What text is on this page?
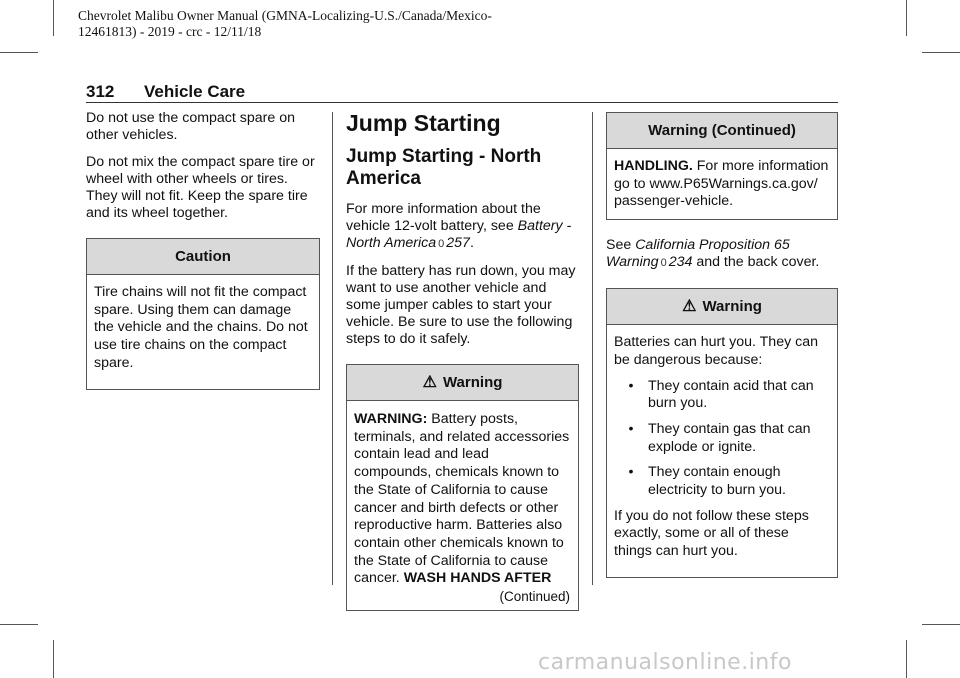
Chevrolet Malibu Owner Manual (GMNA-Localizing-U.S./Canada/Mexico-
12461813) - 2019 - crc - 12/11/18
312 Vehicle Care

Do not use the compact spare on other vehicles.

Do not mix the compact spare tire or wheel with other wheels or tires. They will not fit. Keep the spare tire and its wheel together.

Caution

Tire chains will not fit the compact spare. Using them can damage the vehicle and the chains. Do not use tire chains on the compact spare.

Jump Starting
Jump Starting - North America

For more information about the vehicle 12-volt battery, see Battery - North America 0 257.

If the battery has run down, you may want to use another vehicle and some jumper cables to start your vehicle. Be sure to use the following steps to do it safely.

⚠ Warning
WARNING: Battery posts, terminals, and related accessories contain lead and lead compounds, chemicals known to the State of California to cause cancer and birth defects or other reproductive harm. Batteries also contain other chemicals known to the State of California to cause cancer. WASH HANDS AFTER
(Continued)
Warning (Continued)
HANDLING. For more information go to www.P65Warnings.ca.gov/ passenger-vehicle.

See California Proposition 65 Warning 0 234 and the back cover.

⚠ Warning

Batteries can hurt you. They can be dangerous because:

•	They contain acid that can burn you.
•	They contain gas that can explode or ignite.
•	They contain enough electricity to burn you.

If you do not follow these steps exactly, some or all of these things can hurt you.

carmanualsonline.info
